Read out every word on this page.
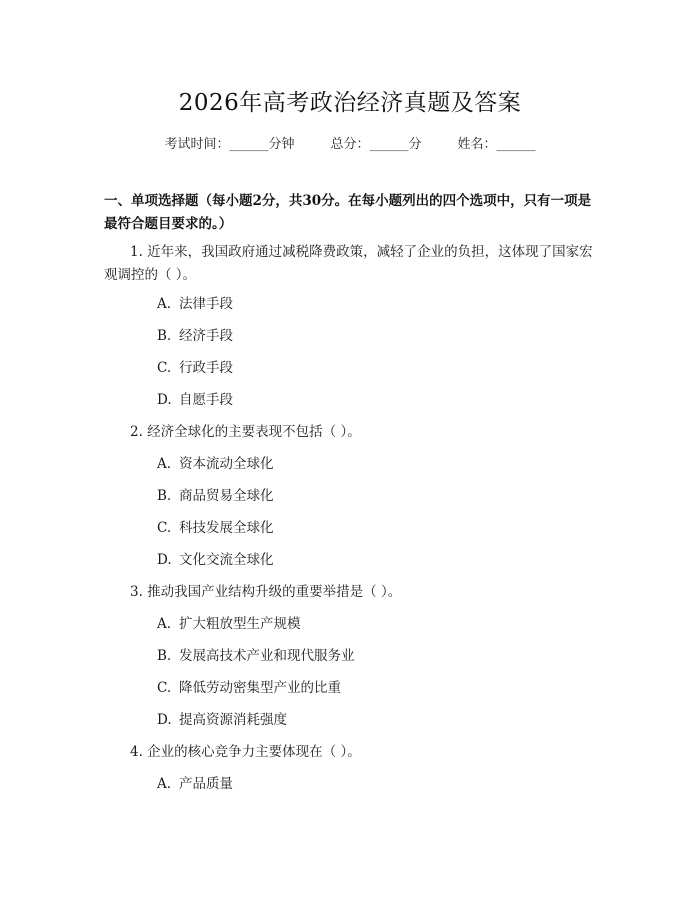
2026年高考政治经济真题及答案
考试时间：______分钟	总分：______分	姓名：______
一、单项选择题（每小题2分，共30分。在每小题列出的四个选项中，只有一项是最符合题目要求的。）
1. 近年来，我国政府通过减税降费政策，减轻了企业的负担，这体现了国家宏观调控的（ ）。
A. 法律手段
B. 经济手段
C. 行政手段
D. 自愿手段
2. 经济全球化的主要表现不包括（ ）。
A. 资本流动全球化
B. 商品贸易全球化
C. 科技发展全球化
D. 文化交流全球化
3. 推动我国产业结构升级的重要举措是（ ）。
A. 扩大粗放型生产规模
B. 发展高技术产业和现代服务业
C. 降低劳动密集型产业的比重
D. 提高资源消耗强度
4. 企业的核心竞争力主要体现在（ ）。
A. 产品质量
